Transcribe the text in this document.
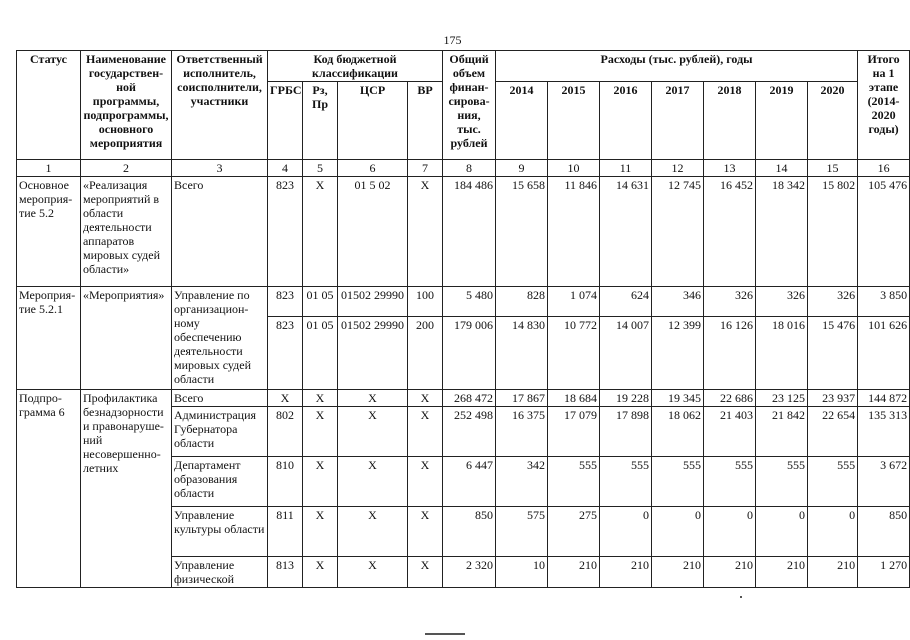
175
Статус	Наименование государствен-ной программы, подпрограммы, основного мероприятия	Ответственный исполнитель, соисполнители, участники	Код бюджетной классификации				Общий объем финан-сирова-ния, тыс. рублей	Расходы (тыс. рублей), годы							Итого на 1 этапе (2014-2020 годы)
			ГРБС	Рз, Пр	ЦСР	ВР		2014	2015	2016	2017	2018	2019	2020	
1	2	3	4	5	6	7	8	9	10	11	12	13	14	15	16
Основное мероприя-тие 5.2	«Реализация мероприятий в области деятельности аппаратов мировых судей области»	Всего	823	Х	01 5 02	Х	184 486	15 658	11 846	14 631	12 745	16 452	18 342	15 802	105 476
Мероприя-тие 5.2.1	«Мероприятия»	Управление по организацион-ному обеспечению деятельности мировых судей области	823	01 05	01502 29990	100	5 480	828	1 074	624	346	326	326	326	3 850
			823	01 05	01502 29990	200	179 006	14 830	10 772	14 007	12 399	16 126	18 016	15 476	101 626
Подпро-грамма 6	Профилактика безнадзорности и правонаруше-ний несовершенно-летних	Всего	Х	Х	Х	Х	268 472	17 867	18 684	19 228	19 345	22 686	23 125	23 937	144 872
		Администрация Губернатора области	802	Х	Х	Х	252 498	16 375	17 079	17 898	18 062	21 403	21 842	22 654	135 313
		Департамент образования области	810	Х	Х	Х	6 447	342	555	555	555	555	555	555	3 672
		Управление культуры области	811	Х	Х	Х	850	575	275	0	0	0	0	0	850
		Управление физической	813	Х	Х	Х	2 320	10	210	210	210	210	210	210	1 270
